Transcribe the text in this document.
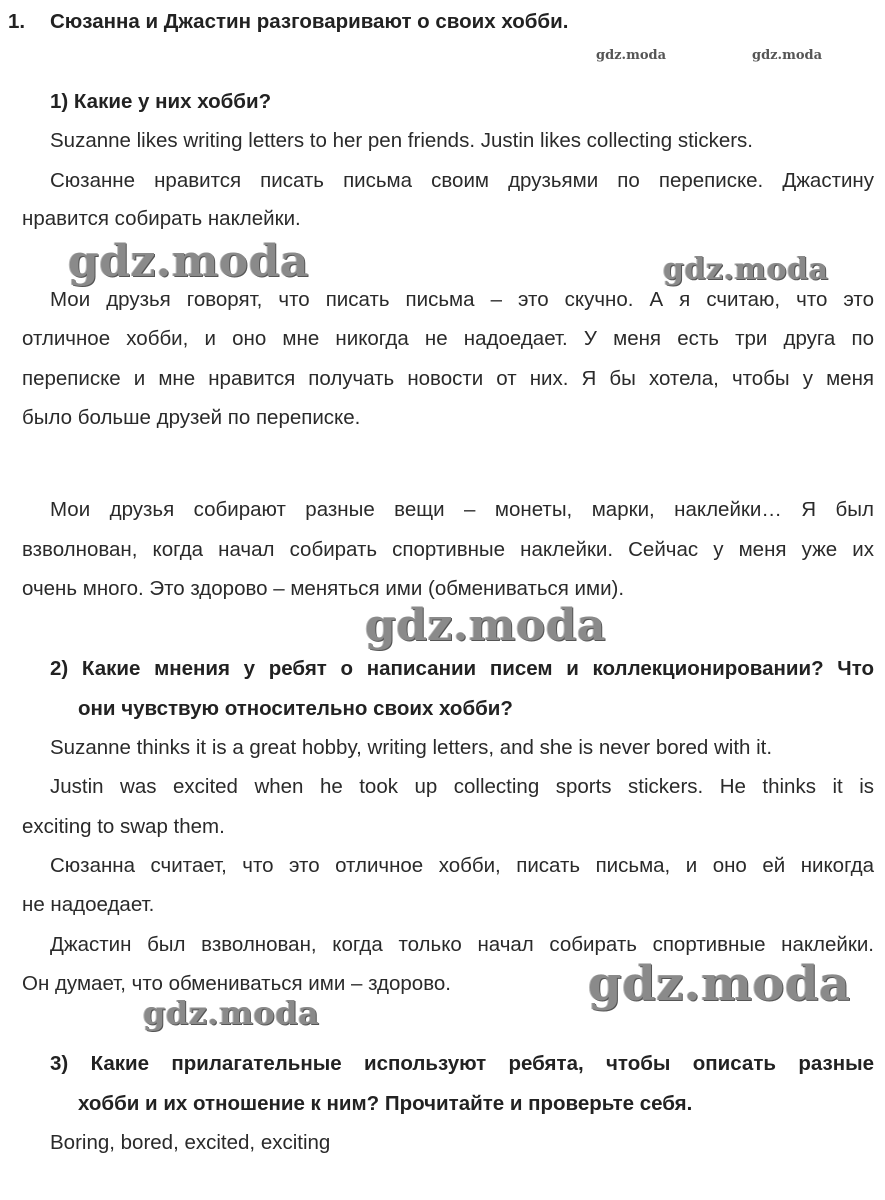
1. Сюзанна и Джастин разговаривают о своих хобби.
gdz.moda	gdz.moda
1) Какие у них хобби?
Suzanne likes writing letters to her pen friends. Justin likes collecting stickers.
Сюзанне нравится писать письма своим друзьями по переписке. Джастину
нравится собирать наклейки.
gdz.moda	gdz.moda
Мои друзья говорят, что писать письма – это скучно. А я считаю, что это
отличное хобби, и оно мне никогда не надоедает. У меня есть три друга по
переписке и мне нравится получать новости от них. Я бы хотела, чтобы у меня
было больше друзей по переписке.
Мои друзья собирают разные вещи – монеты, марки, наклейки… Я был
взволнован, когда начал собирать спортивные наклейки. Сейчас у меня уже их
очень много. Это здорово – меняться ими (обмениваться ими).
gdz.moda
2) Какие мнения у ребят о написании писем и коллекционировании? Что
они чувствую относительно своих хобби?
Suzanne thinks it is a great hobby, writing letters, and she is never bored with it.
Justin was excited when he took up collecting sports stickers. He thinks it is
exciting to swap them.
Сюзанна считает, что это отличное хобби, писать письма, и оно ей никогда
не надоедает.
Джастин был взволнован, когда только начал собирать спортивные наклейки.
Он думает, что обмениваться ими – здорово.	gdz.moda
gdz.moda
3) Какие прилагательные используют ребята, чтобы описать разные
хобби и их отношение к ним? Прочитайте и проверьте себя.
Boring, bored, excited, exciting
